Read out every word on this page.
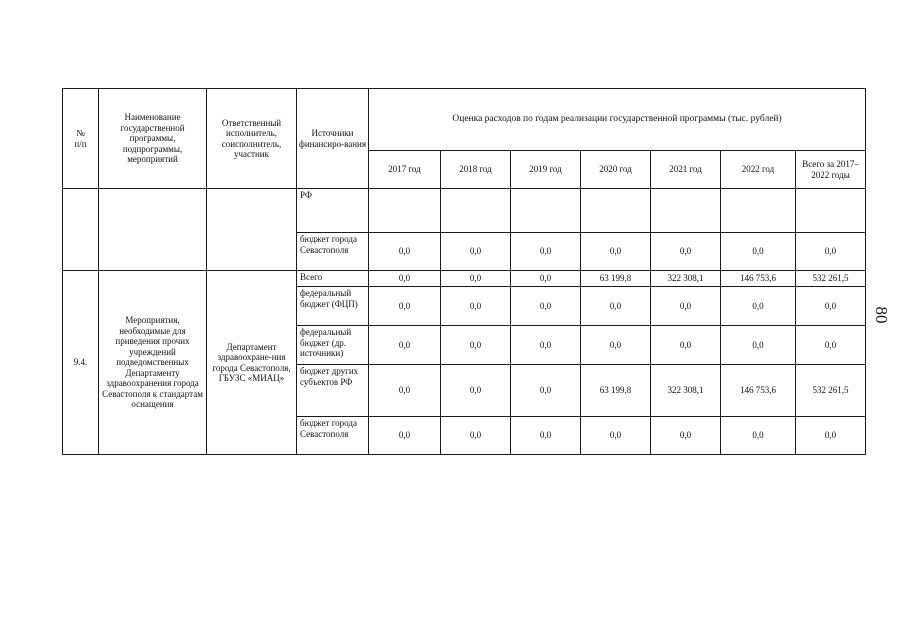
80
№
п/п	Наименование государственной программы, подпрограммы, мероприятий	Ответственный исполнитель, соисполнитель, участник	Источники финансиро-вания	Оценка расходов по годам реализации государственной программы (тыс. рублей)						
				2017 год	2018 год	2019 год	2020 год	2021 год	2022 год	Всего за 2017–2022 годы
			РФ							
			бюджет города Севастополя	0,0	0,0	0,0	0,0	0,0	0,0	0,0
9.4.	Мероприятия, необходимые для приведения прочих учреждений подведомственных Департаменту здравоохранения города Севастополя к стандартам оснащения	Департамент здравоохране-ния города Севастополя, ГБУЗС «МИАЦ»	Всего	0,0	0,0	0,0	63 199,8	322 308,1	146 753,6	532 261,5
			федеральный бюджет (ФЦП)	0,0	0,0	0,0	0,0	0,0	0,0	0,0
			федеральный бюджет (др. источники)	0,0	0,0	0,0	0,0	0,0	0,0	0,0
			бюджет других субъектов РФ	0,0	0,0	0,0	63 199,8	322 308,1	146 753,6	532 261,5
			бюджет города Севастополя	0,0	0,0	0,0	0,0	0,0	0,0	0,0
